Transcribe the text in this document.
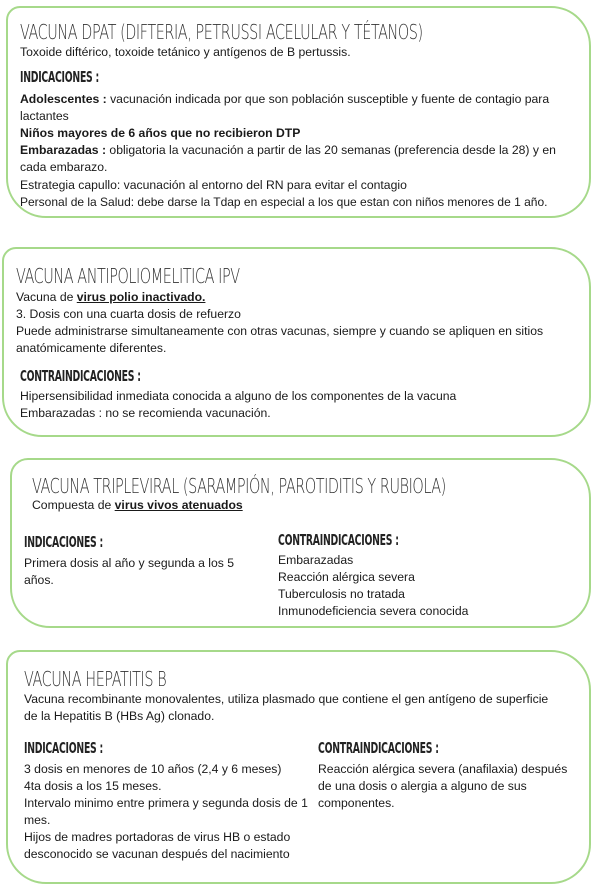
VACUNA DPAT (DIFTERIA, PETRUSSI ACELULAR Y TÉTANOS)
Toxoide diftérico, toxoide tetánico y antígenos de B pertussis.
INDICACIONES :
Adolescentes : vacunación indicada por que son población susceptible y fuente de contagio para lactantes
Niños mayores de 6 años que no recibieron DTP
Embarazadas : obligatoria la vacunación a partir de las 20 semanas (preferencia desde la 28) y en cada embarazo.
Estrategia capullo: vacunación al entorno del RN para evitar el contagio
Personal de la Salud: debe darse la Tdap en especial a los que estan con niños menores de 1 año.
VACUNA ANTIPOLIOMELITICA IPV
Vacuna de virus polio inactivado.
3. Dosis con una cuarta dosis de refuerzo
Puede administrarse simultaneamente con otras vacunas, siempre y cuando se apliquen en sitios anatómicamente diferentes.
CONTRAINDICACIONES :
Hipersensibilidad inmediata conocida a alguno de los componentes de la vacuna
Embarazadas : no se recomienda vacunación.
VACUNA TRIPLEVIRAL (SARAMPIÓN, PAROTIDITIS Y RUBIOLA)
Compuesta de virus vivos atenuados
INDICACIONES :
Primera dosis al año y segunda a los 5 años.
CONTRAINDICACIONES :
Embarazadas
Reacción alérgica severa
Tuberculosis no tratada
Inmunodeficiencia severa conocida
VACUNA HEPATITIS B
Vacuna recombinante monovalentes, utiliza plasmado que contiene el gen antígeno de superficie de la Hepatitis B (HBs Ag) clonado.
INDICACIONES :
3 dosis en menores de 10 años (2,4 y 6 meses)
4ta dosis a los 15 meses.
Intervalo minimo entre primera y segunda dosis de 1 mes.
Hijos de madres portadoras de virus HB o estado desconocido se vacunan después del nacimiento
CONTRAINDICACIONES :
Reacción alérgica severa (anafilaxia) después de una dosis o alergia a alguno de sus componentes.
